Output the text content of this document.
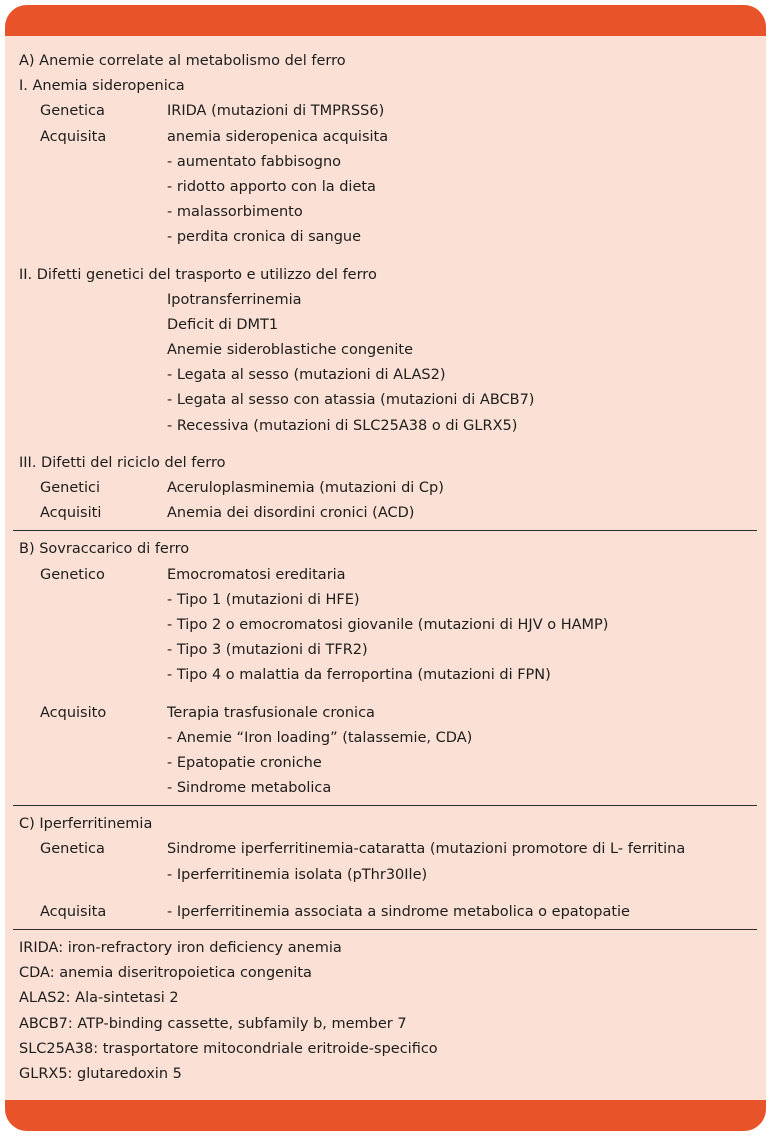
A) Anemie correlate al metabolismo del ferro
I. Anemia sideropenica
Genetica	IRIDA (mutazioni di TMPRSS6)
Acquisita	anemia sideropenica acquisita
- aumentato fabbisogno
- ridotto apporto con la dieta
- malassorbimento
- perdita cronica di sangue
II. Difetti genetici del trasporto e utilizzo del ferro
Ipotransferrinemia
Deficit di DMT1
Anemie sideroblastiche congenite
- Legata al sesso (mutazioni di ALAS2)
- Legata al sesso con atassia (mutazioni di ABCB7)
- Recessiva (mutazioni di SLC25A38 o di GLRX5)
III. Difetti del riciclo del ferro
Genetici	Aceruloplasminemia (mutazioni di Cp)
Acquisiti	Anemia dei disordini cronici (ACD)
B) Sovraccarico di ferro
Genetico	Emocromatosi ereditaria
- Tipo 1 (mutazioni di HFE)
- Tipo 2 o emocromatosi giovanile (mutazioni di HJV o HAMP)
- Tipo 3 (mutazioni di TFR2)
- Tipo 4 o malattia da ferroportina (mutazioni di FPN)
Acquisito	Terapia trasfusionale cronica
- Anemie “Iron loading” (talassemie, CDA)
- Epatopatie croniche
- Sindrome metabolica
C) Iperferritinemia
Genetica	Sindrome iperferritinemia-cataratta (mutazioni promotore di L- ferritina
- Iperferritinemia isolata (pThr30Ile)
Acquisita	- Iperferritinemia associata a sindrome metabolica o epatopatie
IRIDA: iron-refractory iron deficiency anemia
CDA: anemia diseritropoietica congenita
ALAS2: Ala-sintetasi 2
ABCB7: ATP-binding cassette, subfamily b, member 7
SLC25A38: trasportatore mitocondriale eritroide-specifico
GLRX5: glutaredoxin 5
